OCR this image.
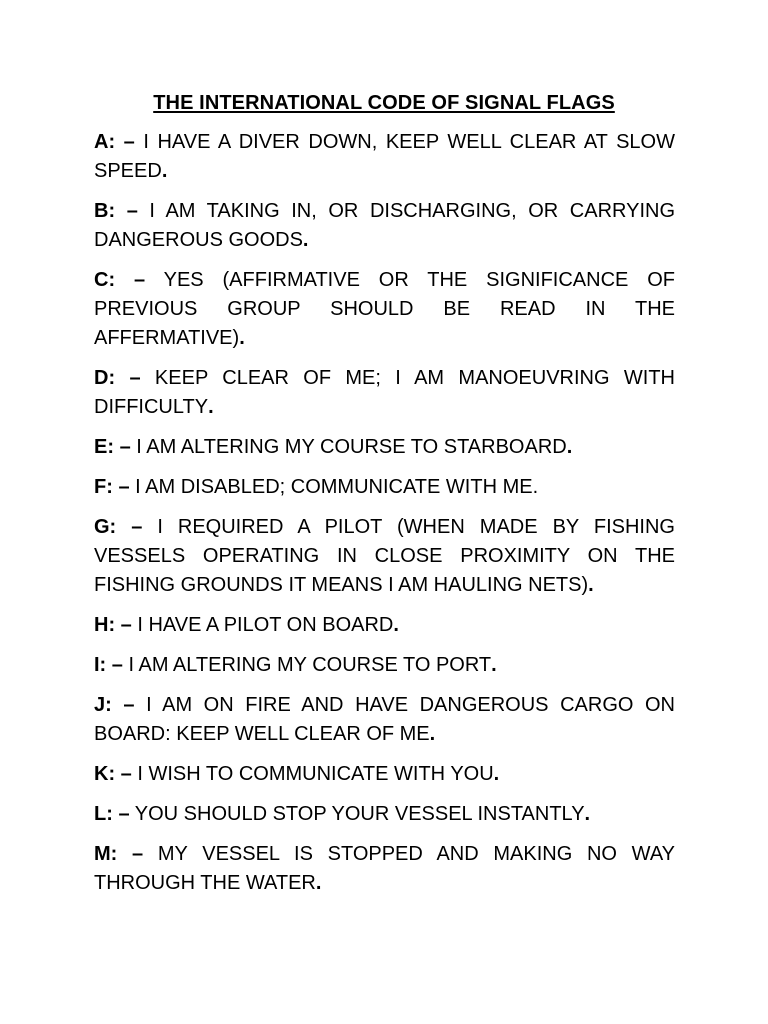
THE INTERNATIONAL CODE OF SIGNAL FLAGS
A: – I HAVE A DIVER DOWN, KEEP WELL CLEAR AT SLOW SPEED.
B: – I AM TAKING IN, OR DISCHARGING, OR CARRYING DANGEROUS GOODS.
C: – YES (AFFIRMATIVE OR THE SIGNIFICANCE OF PREVIOUS GROUP SHOULD BE READ IN THE AFFERMATIVE).
D: – KEEP CLEAR OF ME; I AM MANOEUVRING WITH DIFFICULTY.
E: – I AM ALTERING MY COURSE TO STARBOARD.
F: – I AM DISABLED; COMMUNICATE WITH ME.
G: – I REQUIRED A PILOT (WHEN MADE BY FISHING VESSELS OPERATING IN CLOSE PROXIMITY ON THE FISHING GROUNDS IT MEANS I AM HAULING NETS).
H: – I HAVE A PILOT ON BOARD.
I: – I AM ALTERING MY COURSE TO PORT.
J: – I AM ON FIRE AND HAVE DANGEROUS CARGO ON BOARD: KEEP WELL CLEAR OF ME.
K: – I WISH TO COMMUNICATE WITH YOU.
L: – YOU SHOULD STOP YOUR VESSEL INSTANTLY.
M: – MY VESSEL IS STOPPED AND MAKING NO WAY THROUGH THE WATER.
